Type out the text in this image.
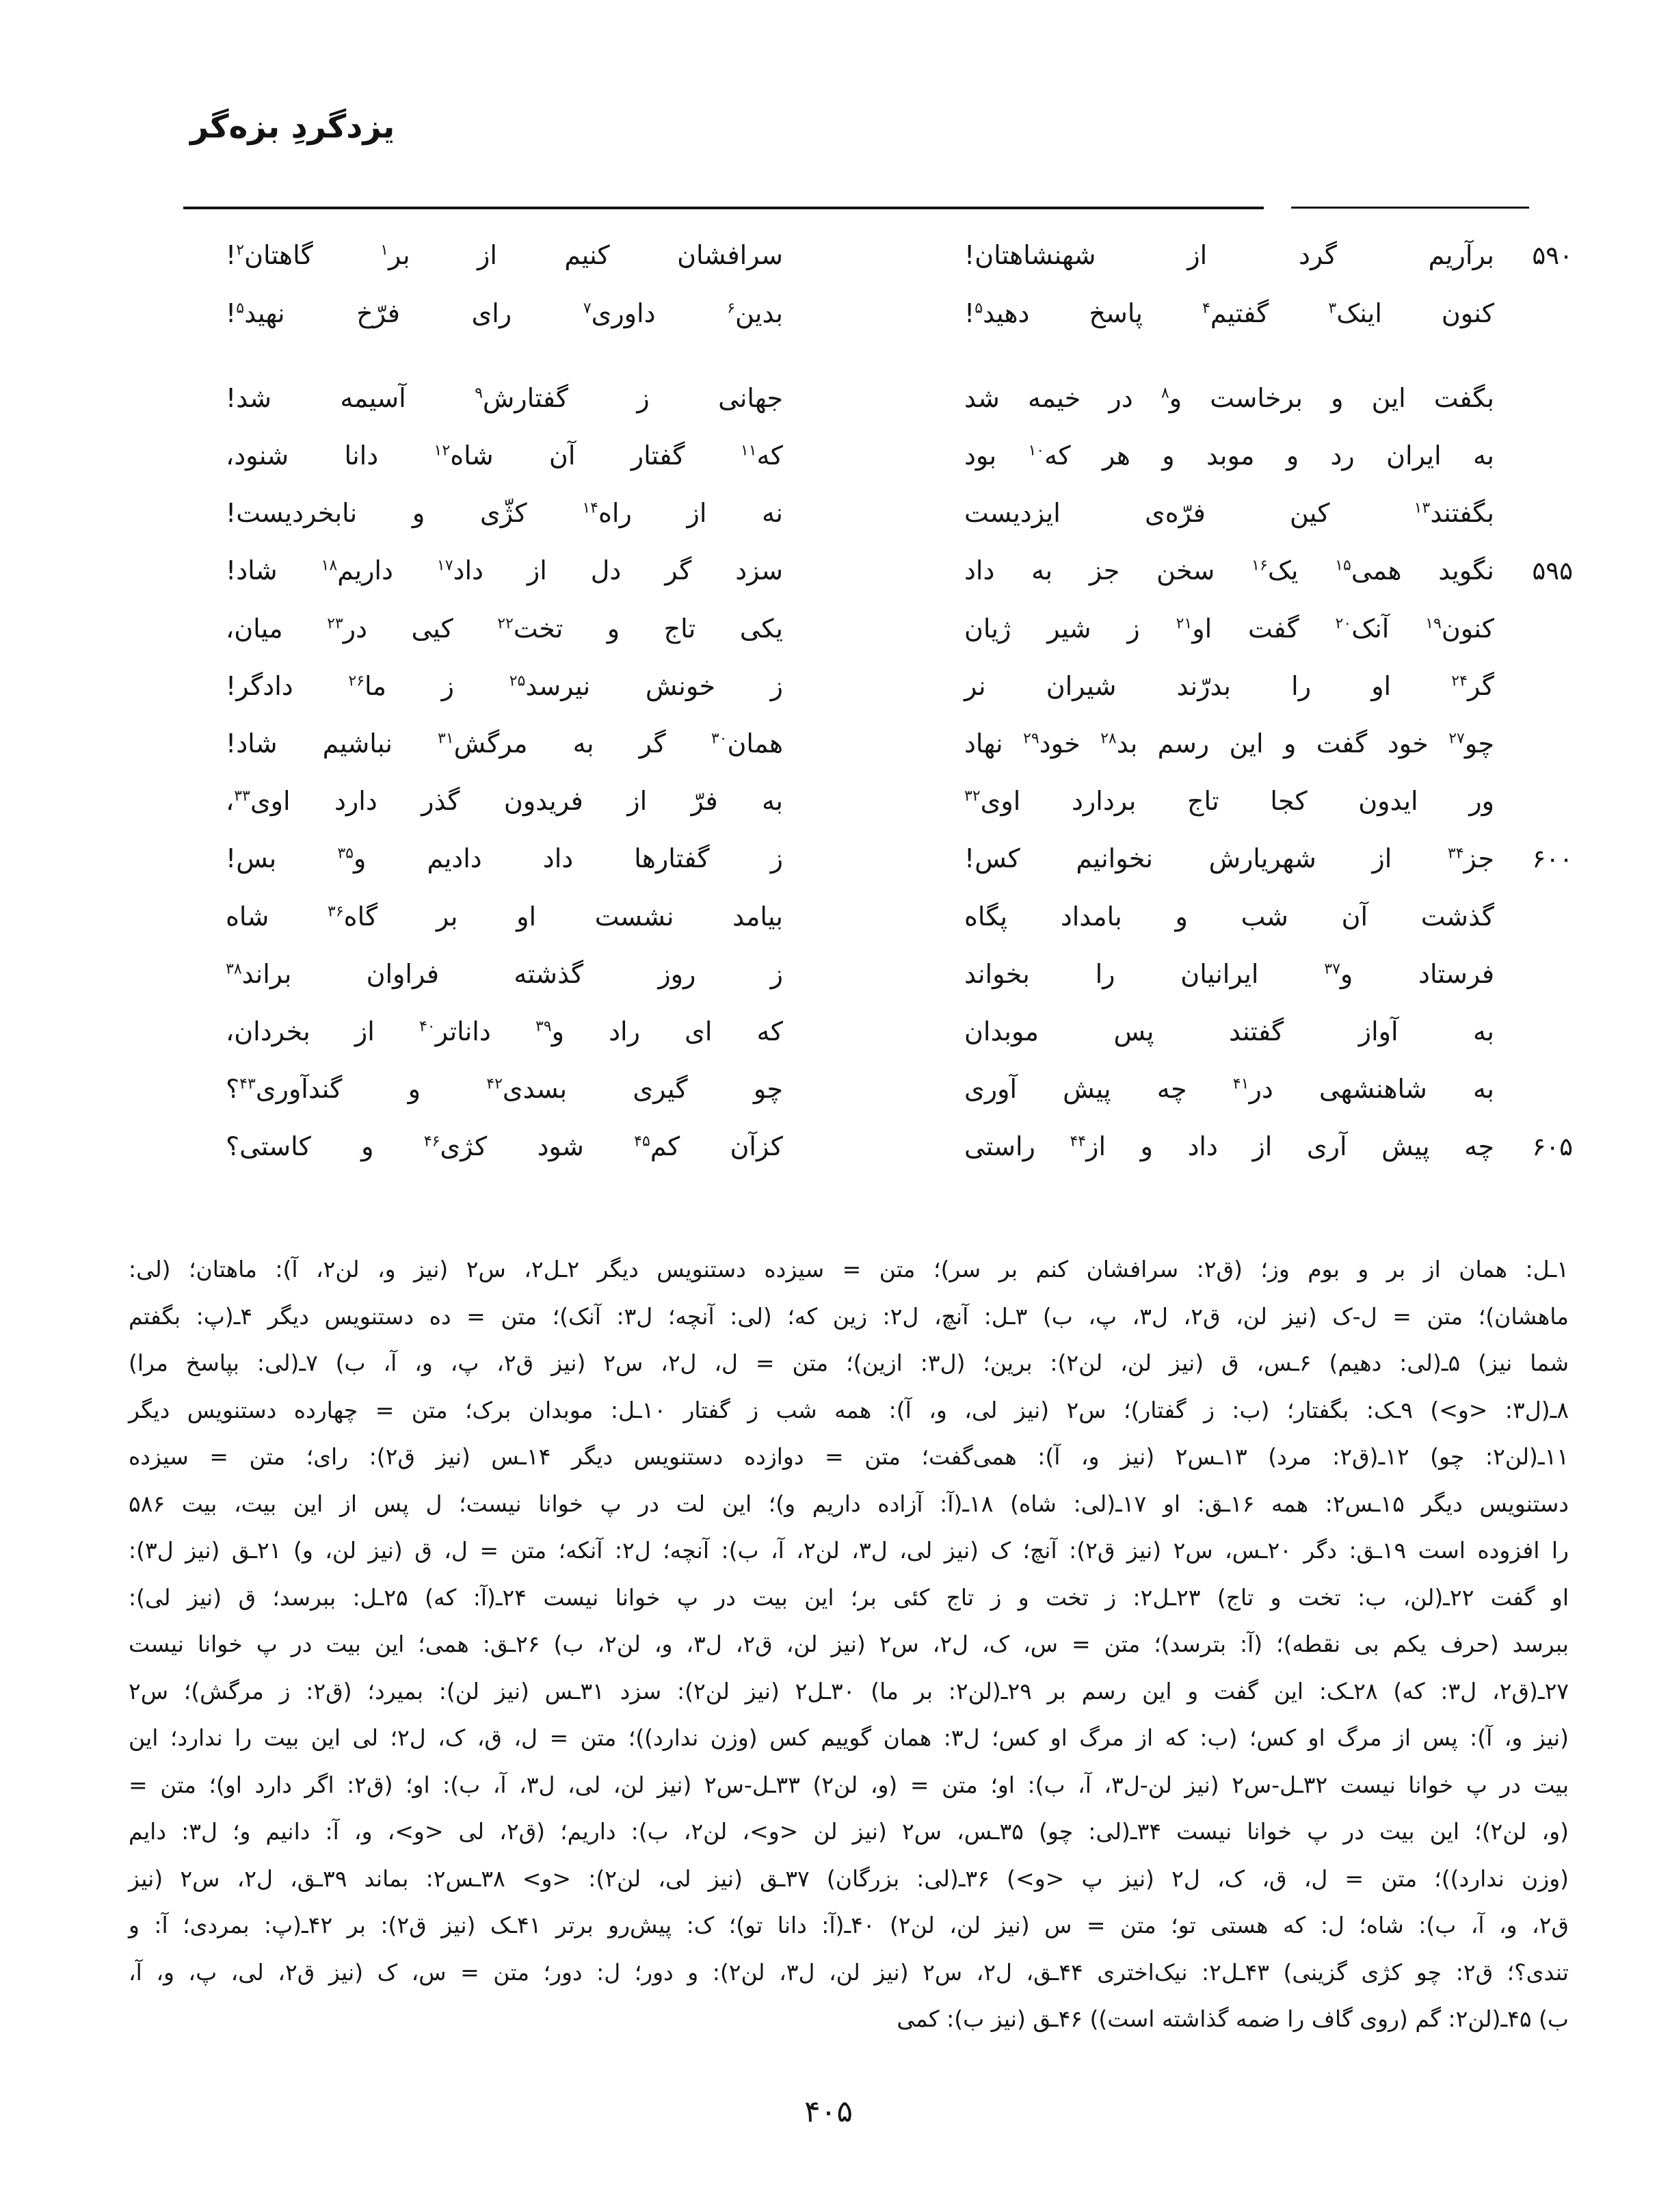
یزدگردِ بزه‌گر
۵۹۰
برآریم گرد از شهنشاهتان!
سرافشان کنیم از بر$^۱$ گاهتان$^۲$!
کنون اینک$^۳$ گفتیم$^۴$ پاسخ دهید$^۵$!
بدین$^۶$ داوری$^۷$ رای فرّخ نهید$^۵$!
بگفت این و برخاست و$^۸$ در خیمه شد
جهانی ز گفتارش$^۹$ آسیمه شد!
به ایران رد و موبد و هر که$^{۱۰}$ بود
که$^{۱۱}$ گفتار آن شاه$^{۱۲}$ دانا شنود،
بگفتند$^{۱۳}$ کین فرّه‌ی ایزدیست
نه از راه$^{۱۴}$ کژّی و نابخردیست!
۵۹۵
نگوید همی$^{۱۵}$ یک$^{۱۶}$ سخن جز به داد
سزد گر دل از داد$^{۱۷}$ داریم$^{۱۸}$ شاد!
کنون$^{۱۹}$ آنک$^{۲۰}$ گفت او$^{۲۱}$ ز شیر ژیان
یکی تاج و تخت$^{۲۲}$ کیی در$^{۲۳}$ میان،
گر$^{۲۴}$ او را بدرّند شیران نر
ز خونش نیرسد$^{۲۵}$ ز ما$^{۲۶}$ دادگر!
چو$^{۲۷}$ خود گفت و این رسم بد$^{۲۸}$ خود$^{۲۹}$ نهاد
همان$^{۳۰}$ گر به مرگش$^{۳۱}$ نباشیم شاد!
ور ایدون کجا تاج بردارد اوی$^{۳۲}$
به فرّ از فریدون گذر دارد اوی$^{۳۳}$،
۶۰۰
جز$^{۳۴}$ از شهریارش نخوانیم کس!
ز گفتارها داد دادیم و$^{۳۵}$ بس!
گذشت آن شب و بامداد پگاه
بیامد نشست او بر گاه$^{۳۶}$ شاه
فرستاد و$^{۳۷}$ ایرانیان را بخواند
ز روز گذشته فراوان براند$^{۳۸}$
به آواز گفتند پس موبدان
که ای راد و$^{۳۹}$ داناتر$^{۴۰}$ از بخردان،
به شاهنشهی در$^{۴۱}$ چه پیش آوری
چو گیری بسدی$^{۴۲}$ و گندآوری$^{۴۳}$؟
۶۰۵
چه پیش آری از داد و از$^{۴۴}$ راستی
کزآن کم$^{۴۵}$ شود کژی$^{۴۶}$ و کاستی؟
۱ـل: همان از بر و بوم وز؛ (ق۲: سرافشان کنم بر سر)؛ متن = سیزده دستنویس دیگر ۲ـل۲، س۲ (نیز و، لن۲، آ): ماهتان؛ (لی:
ماهشان)؛ متن = ل-ک (نیز لن، ق۲، ل۳، پ، ب) ۳ـل: آنچ، ل۲: زین که؛ (لی: آنچه؛ ل۳: آنک)؛ متن = ده دستنویس دیگر ۴ـ(پ: بگفتم
شما نیز) ۵ـ(لی: دهیم) ۶ـس، ق (نیز لن، لن۲): برین؛ (ل۳: ازین)؛ متن = ل، ل۲، س۲ (نیز ق۲، پ، و، آ، ب) ۷ـ(لی: بپاسخ مرا)
۸ـ(ل۳: <و>) ۹ـک: بگفتار؛ (ب: ز گفتار)؛ س۲ (نیز لی، و، آ): همه شب ز گفتار ۱۰ـل: موبدان برک؛ متن = چهارده دستنویس دیگر
۱۱ـ(لن۲: چو) ۱۲ـ(ق۲: مرد) ۱۳ـس۲ (نیز و، آ): همی‌گفت؛ متن = دوازده دستنویس دیگر ۱۴ـس (نیز ق۲): رای؛ متن = سیزده
دستنویس دیگر ۱۵ـس۲: همه ۱۶ـق: او ۱۷ـ(لی: شاه) ۱۸ـ(آ: آزاده داریم و)؛ این لت در پ خوانا نیست؛ ل پس از این بیت، بیت ۵۸۶
را افزوده است ۱۹ـق: دگر ۲۰ـس، س۲ (نیز ق۲): آنچ؛ ک (نیز لی، ل۳، لن۲، آ، ب): آنچه؛ ل۲: آنکه؛ متن = ل، ق (نیز لن، و) ۲۱ـق (نیز ل۳):
او گفت ۲۲ـ(لن، ب: تخت و تاج) ۲۳ـل۲: ز تخت و ز تاج کئی بر؛ این بیت در پ خوانا نیست ۲۴ـ(آ: که) ۲۵ـل: ببرسد؛ ق (نیز لی):
ببرسد (حرف یکم بی نقطه)؛ (آ: بترسد)؛ متن = س، ک، ل۲، س۲ (نیز لن، ق۲، ل۳، و، لن۲، ب) ۲۶ـق: همی؛ این بیت در پ خوانا نیست
۲۷ـ(ق۲، ل۳: که) ۲۸ـک: این گفت و این رسم بر ۲۹ـ(لن۲: بر ما) ۳۰ـل۲ (نیز لن۲): سزد ۳۱ـس (نیز لن): بمیرد؛ (ق۲: ز مرگش)؛ س۲
(نیز و، آ): پس از مرگ او کس؛ (ب: که از مرگ او کس؛ ل۳: همان گوییم کس (وزن ندارد))؛ متن = ل، ق، ک، ل۲؛ لی این بیت را ندارد؛ این
بیت در پ خوانا نیست ۳۲ـل-س۲ (نیز لن-ل۳، آ، ب): او؛ متن = (و، لن۲) ۳۳ـل-س۲ (نیز لن، لی، ل۳، آ، ب): او؛ (ق۲: اگر دارد او)؛ متن =
(و، لن۲)؛ این بیت در پ خوانا نیست ۳۴ـ(لی: چو) ۳۵ـس، س۲ (نیز لن <و>، لن۲، ب): داریم؛ (ق۲، لی <و>، و، آ: دانیم و؛ ل۳: دایم
(وزن ندارد))؛ متن = ل، ق، ک، ل۲ (نیز پ <و>) ۳۶ـ(لی: بزرگان) ۳۷ـق (نیز لی، لن۲): <و> ۳۸ـس۲: بماند ۳۹ـق، ل۲، س۲ (نیز
ق۲، و، آ، ب): شاه؛ ل: که هستی تو؛ متن = س (نیز لن، لن۲) ۴۰ـ(آ: دانا تو)؛ ک: پیش‌رو برتر ۴۱ـک (نیز ق۲): بر ۴۲ـ(پ: بمردی؛ آ: و
تندی؟؛ ق۲: چو کژی گزینی) ۴۳ـل۲: نیک‌اختری ۴۴ـق، ل۲، س۲ (نیز لن، ل۳، لن۲): و دور؛ ل: دور؛ متن = س، ک (نیز ق۲، لی، پ، و، آ،
ب) ۴۵ـ(لن۲: گم (روی گاف را ضمه گذاشته است)) ۴۶ـق (نیز ب): کمی
۴۰۵
